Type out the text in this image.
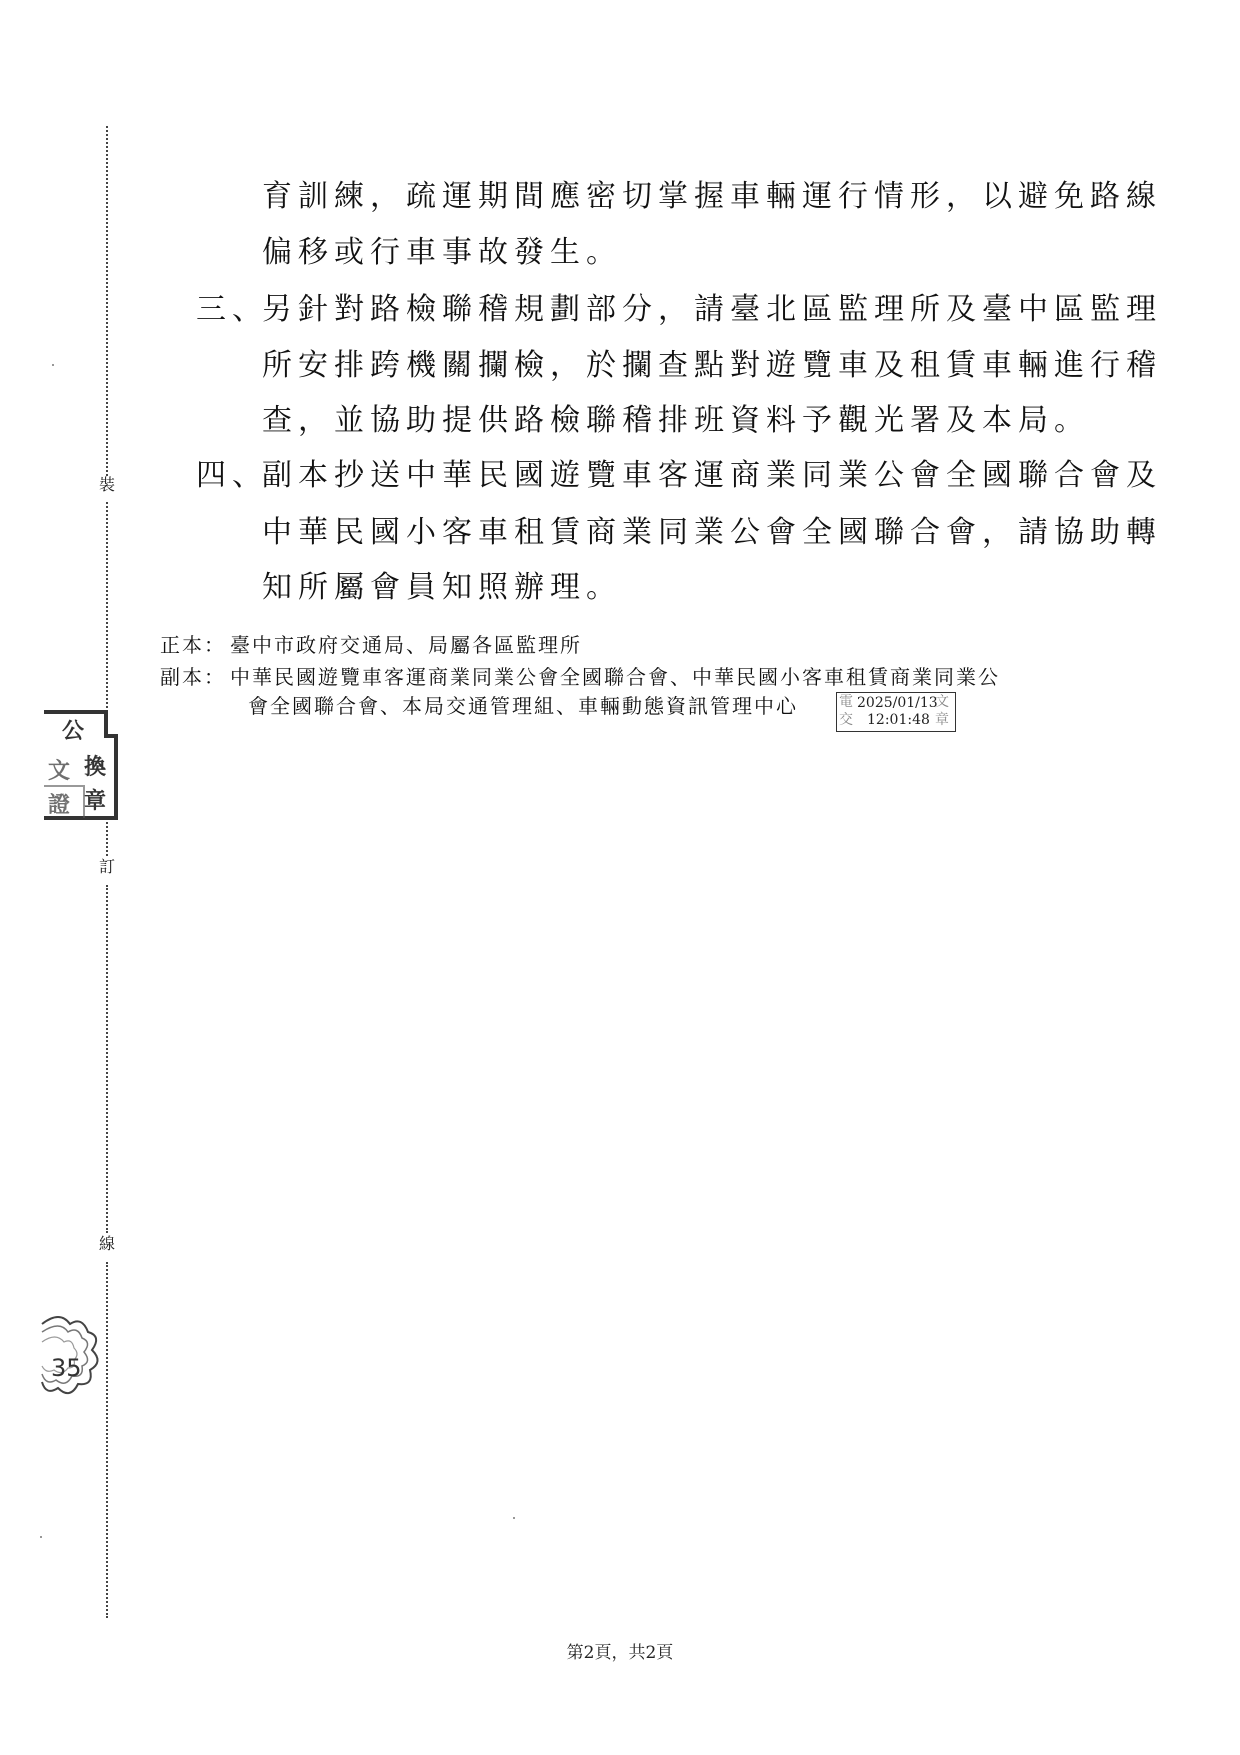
裝
訂
線
育訓練，疏運期間應密切掌握車輛運行情形，以避免路線
偏移或行車事故發生。
三、
另針對路檢聯稽規劃部分，請臺北區監理所及臺中區監理
所安排跨機關攔檢，於攔查點對遊覽車及租賃車輛進行稽
查，並協助提供路檢聯稽排班資料予觀光署及本局。
四、
副本抄送中華民國遊覽車客運商業同業公會全國聯合會及
中華民國小客車租賃商業同業公會全國聯合會，請協助轉
知所屬會員知照辦理。
正本： 臺中市政府交通局、局屬各區監理所
副本： 中華民國遊覽車客運商業同業公會全國聯合會、中華民國小客車租賃商業同業公
會全國聯合會、本局交通管理組、車輛動態資訊管理中心	電 2025/01/13
文
交 12:01:48 章
公
換
章
文
證
35
第2頁，共2頁
